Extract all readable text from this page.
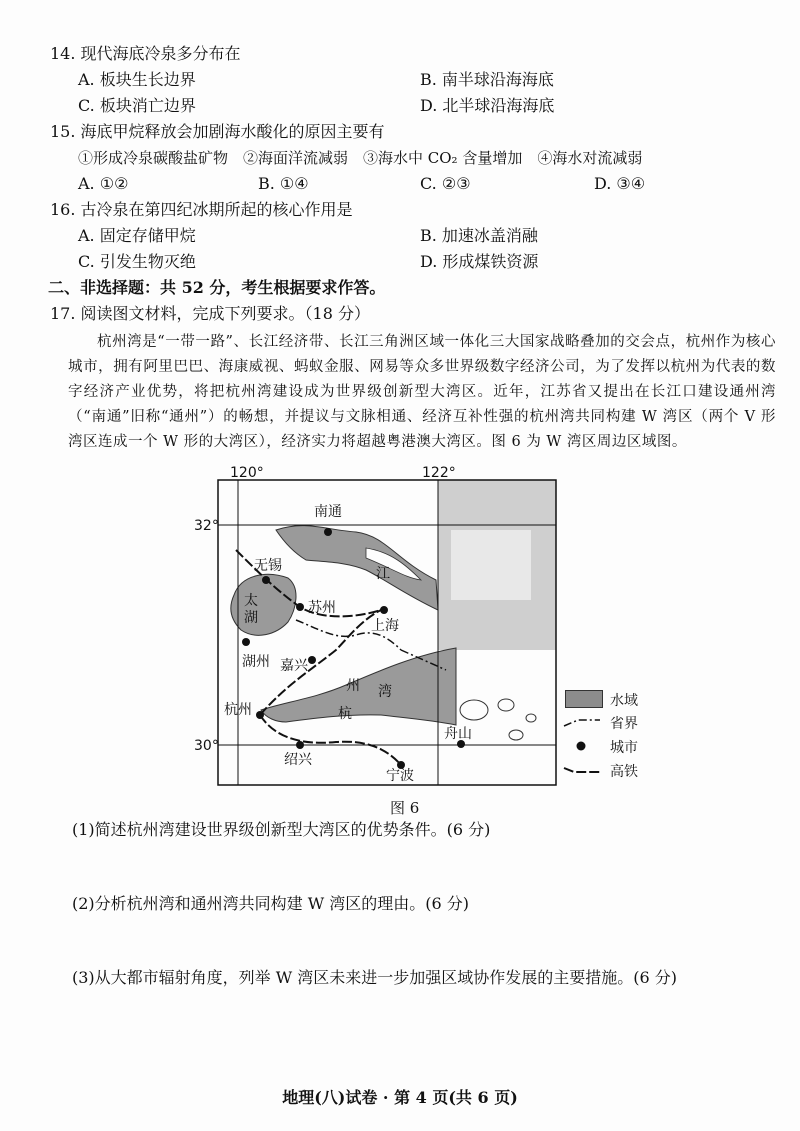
14. 现代海底冷泉多分布在
A. 板块生长边界	B. 南半球沿海海底
C. 板块消亡边界	D. 北半球沿海海底
15. 海底甲烷释放会加剧海水酸化的原因主要有
①形成冷泉碳酸盐矿物　②海面洋流减弱　③海水中 CO₂ 含量增加　④海水对流减弱
A. ①②	B. ①④	C. ②③	D. ③④
16. 古冷泉在第四纪冰期所起的核心作用是
A. 固定存储甲烷	B. 加速冰盖消融
C. 引发生物灭绝	D. 形成煤铁资源
二、非选择题：共 52 分，考生根据要求作答。
17. 阅读图文材料，完成下列要求。（18 分）
杭州湾是“一带一路”、长江经济带、长江三角洲区域一体化三大国家战略叠加的交会点，杭州作为核心城市，拥有阿里巴巴、海康威视、蚂蚁金服、网易等众多世界级数字经济公司，为了发挥以杭州为代表的数字经济产业优势，将把杭州湾建设成为世界级创新型大湾区。近年，江苏省又提出在长江口建设通州湾（“南通”旧称“通州”）的畅想，并提议与文脉相通、经济互补性强的杭州湾共同构建 W 湾区（两个 V 形湾区连成一个 W 形的大湾区），经济实力将超越粤港澳大湾区。图 6 为 W 湾区周边区域图。
120°	122°
32°
30°
南通
无锡
苏州
上海
湖州 嘉兴
杭州
绍兴
宁波
舟山
太
湖
江
杭
州 湾
水域
省界
城市
高铁
图 6
(1)简述杭州湾建设世界级创新型大湾区的优势条件。(6 分)
(2)分析杭州湾和通州湾共同构建 W 湾区的理由。(6 分)
(3)从大都市辐射角度，列举 W 湾区未来进一步加强区域协作发展的主要措施。(6 分)
地理(八)试卷 · 第 4 页(共 6 页)
